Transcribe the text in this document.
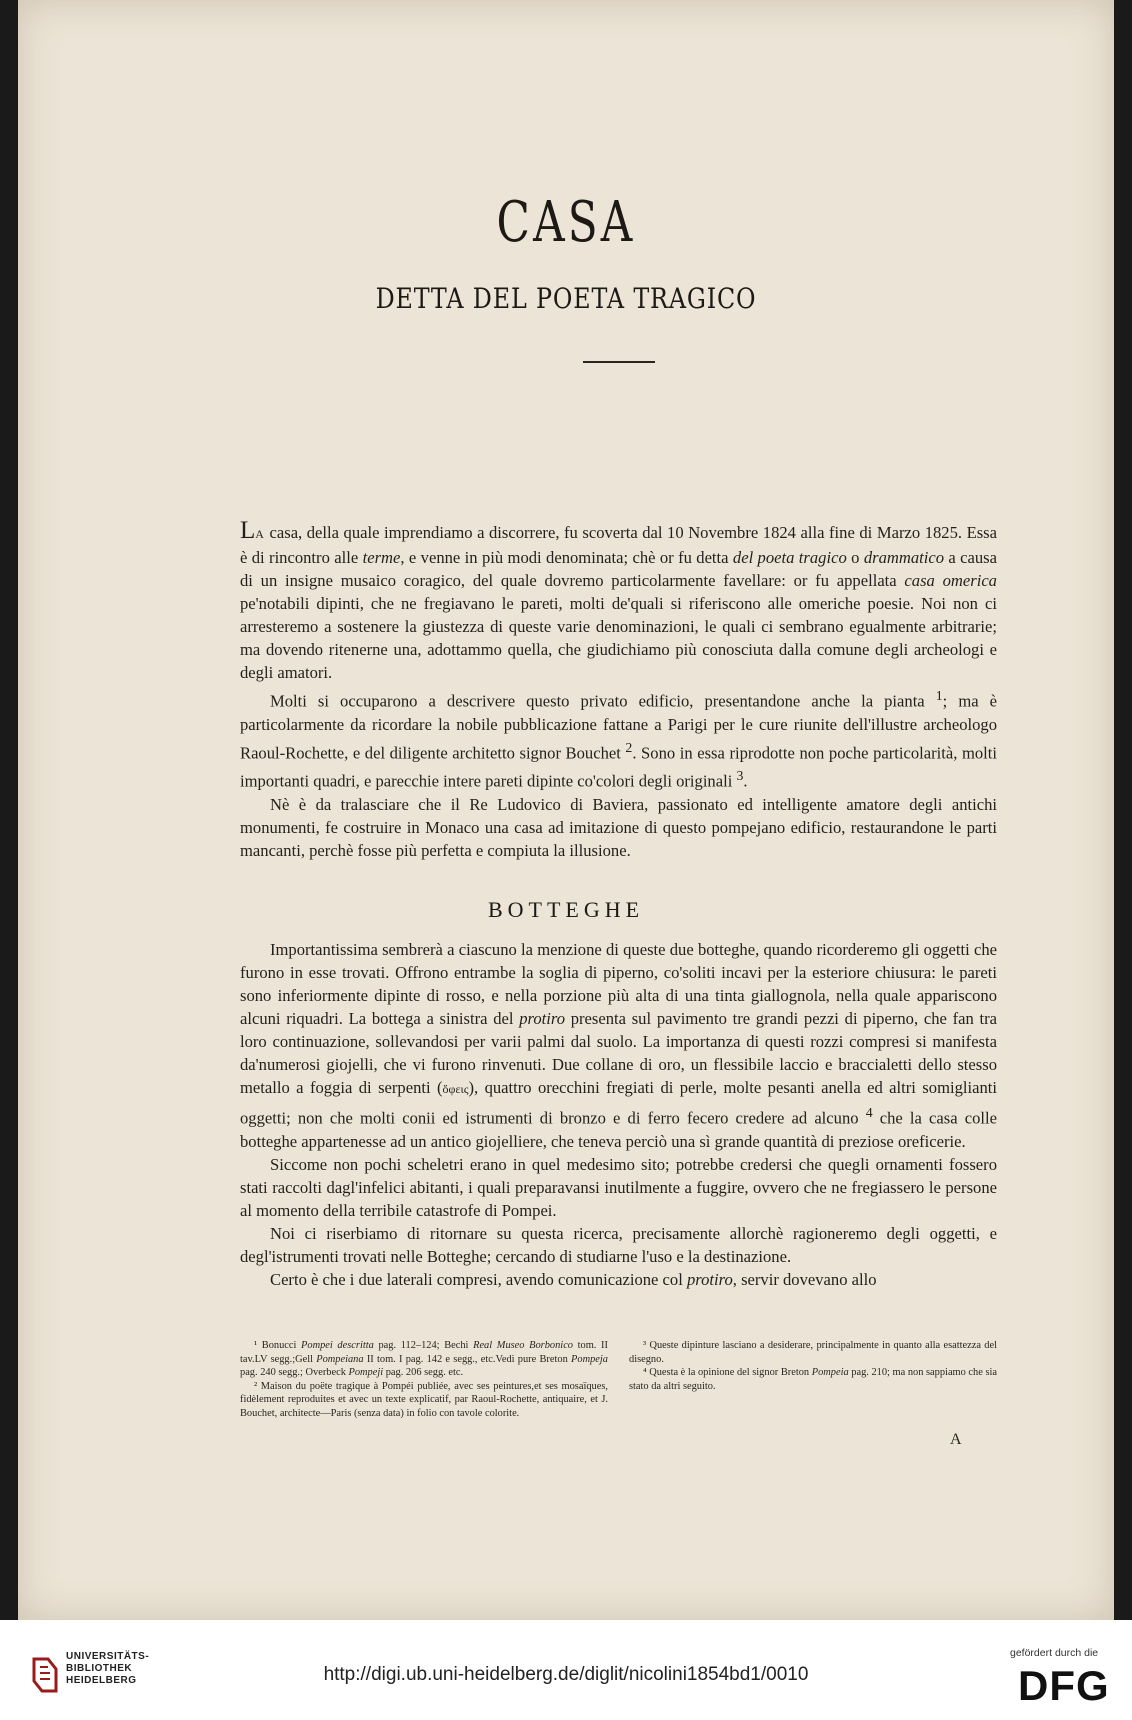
CASA
DETTA DEL POETA TRAGICO

LA casa, della quale imprendiamo a discorrere, fu scoverta dal 10 Novembre 1824 alla fine di Marzo 1825. Essa è di rincontro alle terme, e venne in più modi denominata; chè or fu detta del poeta tragico o drammatico a causa di un insigne musaico coragico, del quale dovremo particolarmente favellare: or fu appellata casa omerica pe'notabili dipinti, che ne fregiavano le pareti, molti de'quali si riferiscono alle omeriche poesie. Noi non ci arresteremo a sostenere la giustezza di queste varie denominazioni, le quali ci sembrano egualmente arbitrarie; ma dovendo ritenerne una, adottammo quella, che giudichiamo più conosciuta dalla comune degli archeologi e degli amatori.

Molti si occuparono a descrivere questo privato edificio, presentandone anche la pianta $^1$; ma è particolarmente da ricordare la nobile pubblicazione fattane a Parigi per le cure riunite dell'illustre archeologo Raoul-Rochette, e del diligente architetto signor Bouchet $^2$. Sono in essa riprodotte non poche particolarità, molti importanti quadri, e parecchie intere pareti dipinte co'colori degli originali $^3$.

Nè è da tralasciare che il Re Ludovico di Baviera, passionato ed intelligente amatore degli antichi monumenti, fe costruire in Monaco una casa ad imitazione di questo pompejano edificio, restaurandone le parti mancanti, perchè fosse più perfetta e compiuta la illusione.

BOTTEGHE

Importantissima sembrerà a ciascuno la menzione di queste due botteghe, quando ricorderemo gli oggetti che furono in esse trovati. Offrono entrambe la soglia di piperno, co'soliti incavi per la esteriore chiusura: le pareti sono inferiormente dipinte di rosso, e nella porzione più alta di una tinta giallognola, nella quale appariscono alcuni riquadri. La bottega a sinistra del protiro presenta sul pavimento tre grandi pezzi di piperno, che fan tra loro continuazione, sollevandosi per varii palmi dal suolo. La importanza di questi rozzi compresi si manifesta da'numerosi giojelli, che vi furono rinvenuti. Due collane di oro, un flessibile laccio e braccialetti dello stesso metallo a foggia di serpenti (ὄφεις), quattro orecchini fregiati di perle, molte pesanti anella ed altri somiglianti oggetti; non che molti conii ed istrumenti di bronzo e di ferro fecero credere ad alcuno $^4$ che la casa colle botteghe appartenesse ad un antico giojelliere, che teneva perciò una sì grande quantità di preziose oreficerie.

Siccome non pochi scheletri erano in quel medesimo sito; potrebbe credersi che quegli ornamenti fossero stati raccolti dagl'infelici abitanti, i quali preparavansi inutilmente a fuggire, ovvero che ne fregiassero le persone al momento della terribile catastrofe di Pompei.

Noi ci riserbiamo di ritornare su questa ricerca, precisamente allorchè ragioneremo degli oggetti, e degl'istrumenti trovati nelle Botteghe; cercando di studiarne l'uso e la destinazione.

Certo è che i due laterali compresi, avendo comunicazione col protiro, servir dovevano allo

¹ Bonucci Pompei descritta pag. 112–124; Bechi Real Museo Borbonico tom. II tav.LV segg.;Gell Pompeiana II tom. I pag. 142 e segg., etc.Vedi pure Breton Pompeja pag. 240 segg.; Overbeck Pompeji pag. 206 segg. etc.

² Maison du poëte tragique à Pompéi publiée, avec ses peintures,et ses mosaïques, fidèlement reproduites et avec un texte explicatif, par Raoul-Rochette, antiquaire, et J. Bouchet, architecte—Paris (senza data) in folio con tavole colorite.

³ Queste dipinture lasciano a desiderare, principalmente in quanto alla esattezza del disegno.

⁴ Questa è la opinione del signor Breton Pompeia pag. 210; ma non sappiamo che sia stato da altri seguito.

A
UNIVERSITÄTS-
BIBLIOTHEK
HEIDELBERG	http://digi.ub.uni-heidelberg.de/diglit/nicolini1854bd1/0010
gefördert durch die
DFG
